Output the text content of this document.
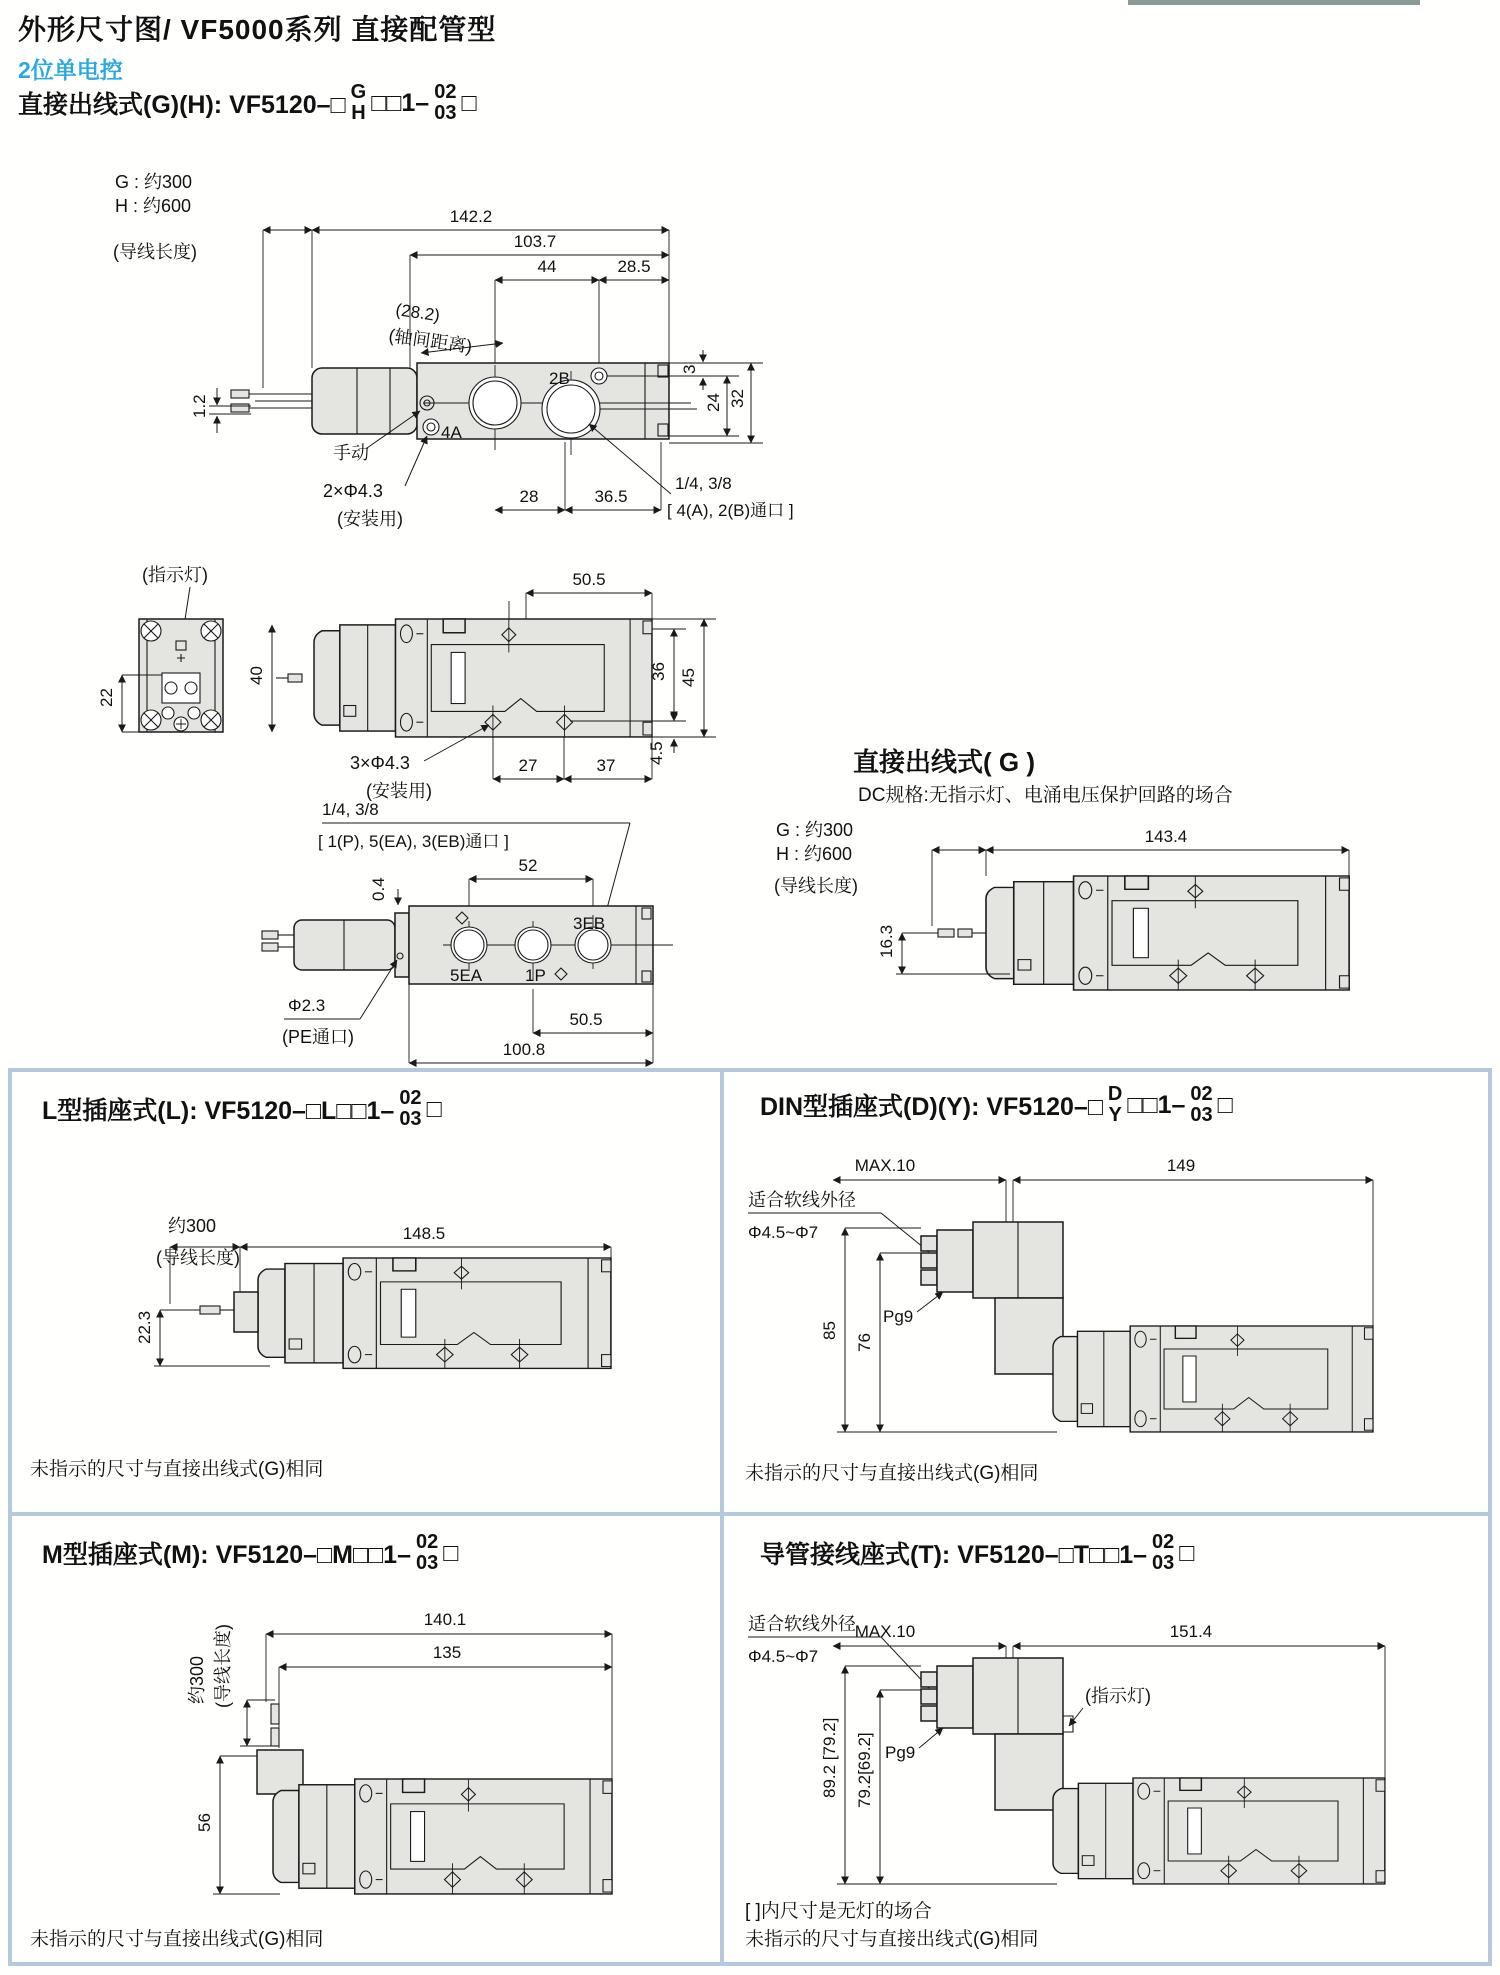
外形尺寸图/ VF5000系列 直接配管型
2位单电控
直接出线式(G)(H): VF5120–□ G
H □□1– 02
03 □
G : 约300
H : 约600
(导线长度)
142.2
103.7
44	28.5
(28.2)
(轴间距离)
2B
4A
手动
2×Φ4.3
(安装用)
28	36.5
1/4, 3/8
[ 4(A), 2(B)通口 ]
1.2
3
24 32
(指示灯)
22
40
50.5
36 45
4.5
3×Φ4.3
(安装用)
27	37	直接出线式( G )
DC规格:无指示灯、电涌电压保护回路的场合
G : 约300
H : 约600
(导线长度)
143.4
16.3
1/4, 3/8
[ 1(P), 5(EA), 3(EB)通口 ]
52
0.4
5EA	1P
3EB
Φ2.3
(PE通口)
50.5
100.8
L型插座式(L): VF5120–□L□□1– 02
03 □
约300
(导线长度)
148.5
22.3
未指示的尺寸与直接出线式(G)相同
DIN型插座式(D)(Y): VF5120–□ D
Y □□1– 02
03 □
MAX.10	149
适合软线外径
Φ4.5~Φ7
Pg9
85
76
未指示的尺寸与直接出线式(G)相同
M型插座式(M): VF5120–□M□□1– 02
03 □
140.1
135
约300 (导线长度)
56
未指示的尺寸与直接出线式(G)相同
导管接线座式(T): VF5120–□T□□1– 02
03 □
MAX.10	151.4
适合软线外径
Φ4.5~Φ7
(指示灯)
Pg9
89.2 [79.2] 79.2[69.2]
[ ]内尺寸是无灯的场合
未指示的尺寸与直接出线式(G)相同
